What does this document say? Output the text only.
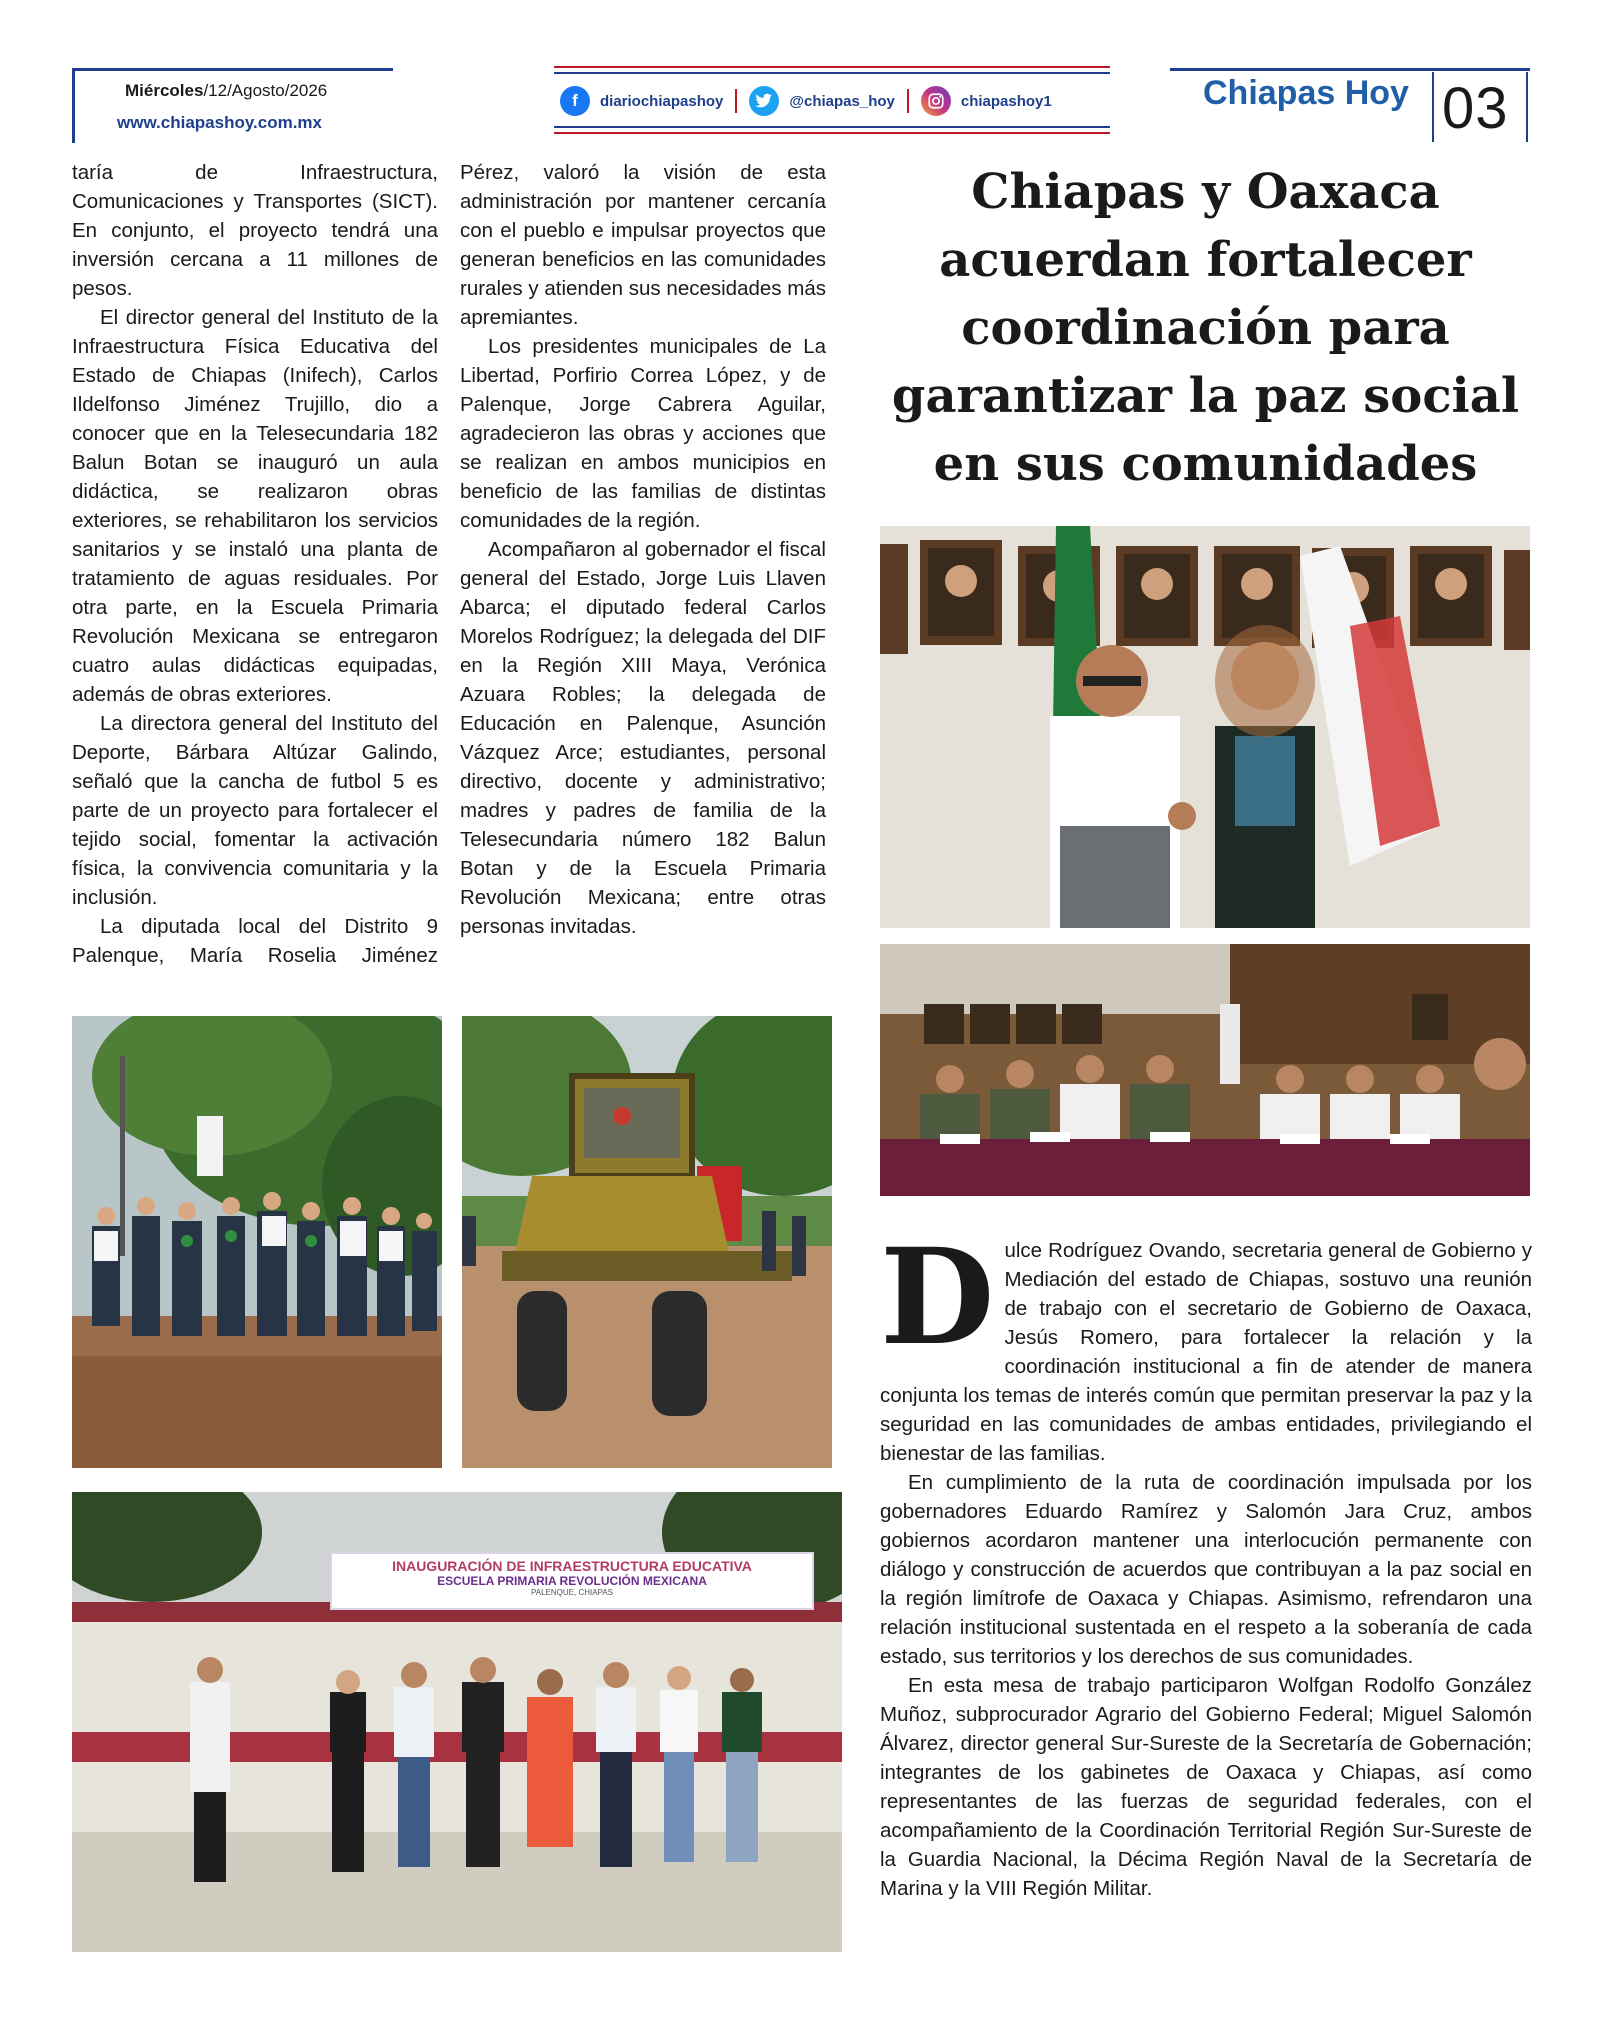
Miércoles/12/Agosto/2026
www.chiapashoy.com.mx
f	diariochiapashoy	@chiapas_hoy	chiapashoy1	Chiapas Hoy 03

taría de Infraestructura, Comunicaciones y Transportes (SICT). En conjunto, el proyecto tendrá una inversión cercana a 11 millones de pesos.

El director general del Instituto de la Infraestructura Física Educativa del Estado de Chiapas (Inifech), Carlos Ildelfonso Jiménez Trujillo, dio a conocer que en la Telesecundaria 182 Balun Botan se inauguró un aula didáctica, se realizaron obras exteriores, se rehabilitaron los servicios sanitarios y se instaló una planta de tratamiento de aguas residuales. Por otra parte, en la Escuela Primaria Revolución Mexicana se entregaron cuatro aulas didácticas equipadas, además de obras exteriores.

La directora general del Instituto del Deporte, Bárbara Altúzar Galindo, señaló que la cancha de futbol 5 es parte de un proyecto para fortalecer el tejido social, fomentar la activación física, la convivencia comunitaria y la inclusión.

La diputada local del Distrito 9 Palenque, María Roselia Jiménez

Pérez, valoró la visión de esta administración por mantener cercanía con el pueblo e impulsar proyectos que generan beneficios en las comunidades rurales y atienden sus necesidades más apremiantes.

Los presidentes municipales de La Libertad, Porfirio Correa López, y de Palenque, Jorge Cabrera Aguilar, agradecieron las obras y acciones que se realizan en ambos municipios en beneficio de las familias de distintas comunidades de la región.

Acompañaron al gobernador el fiscal general del Estado, Jorge Luis Llaven Abarca; el diputado federal Carlos Morelos Rodríguez; la delegada del DIF en la Región XIII Maya, Verónica Azuara Robles; la delegada de Educación en Palenque, Asunción Vázquez Arce; estudiantes, personal directivo, docente y administrativo; madres y padres de familia de la Telesecundaria número 182 Balun Botan y de la Escuela Primaria Revolución Mexicana; entre otras personas invitadas.

INAUGURACIÓN DE INFRAESTRUCTURA EDUCATIVA
ESCUELA PRIMARIA REVOLUCIÓN MEXICANA
PALENQUE, CHIAPAS
Chiapas y Oaxaca acuerdan fortalecer coordinación para garantizar la paz social en sus comunidades
D ulce Rodríguez Ovando, secretaria general de Gobierno y Mediación del estado de Chiapas, sostuvo una reunión de trabajo con el secretario de Gobierno de Oaxaca, Jesús Romero, para fortalecer la relación y la coordinación institucional a fin de atender de manera conjunta los temas de interés común que permitan preservar la paz y la seguridad en las comunidades de ambas entidades, privilegiando el bienestar de las familias.

En cumplimiento de la ruta de coordinación impulsada por los gobernadores Eduardo Ramírez y Salomón Jara Cruz, ambos gobiernos acordaron mantener una interlocución permanente con diálogo y construcción de acuerdos que contribuyan a la paz social en la región limítrofe de Oaxaca y Chiapas. Asimismo, refrendaron una relación institucional sustentada en el respeto a la soberanía de cada estado, sus territorios y los derechos de sus comunidades.

En esta mesa de trabajo participaron Wolfgan Rodolfo González Muñoz, subprocurador Agrario del Gobierno Federal; Miguel Salomón Álvarez, director general Sur-Sureste de la Secretaría de Gobernación; integrantes de los gabinetes de Oaxaca y Chiapas, así como representantes de las fuerzas de seguridad federales, con el acompañamiento de la Coordinación Territorial Región Sur-Sureste de la Guardia Nacional, la Décima Región Naval de la Secretaría de Marina y la VIII Región Militar.
